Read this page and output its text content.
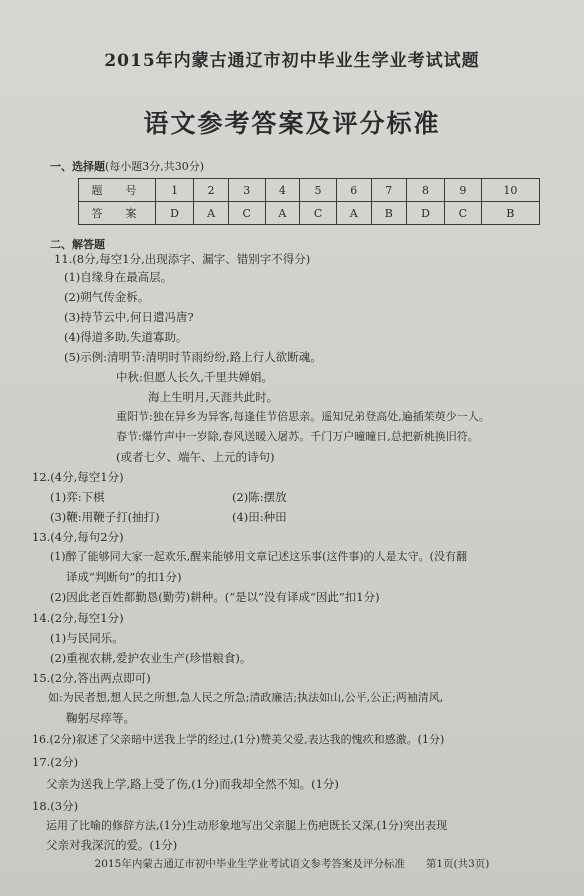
2015年内蒙古通辽市初中毕业生学业考试试题
语文参考答案及评分标准
一、选择题(每小题3分,共30分)
题　号	1	2	3	4	5	6	7	8	9	10
答　案	D	A	C	A	C	A	B	D	C	B
二、解答题
11.(8分,每空1分,出现添字、漏字、错别字不得分)
(1)自缘身在最高层。
(2)朔气传金柝。
(3)持节云中,何日遣冯唐?
(4)得道多助,失道寡助。
(5)示例:清明节:清明时节雨纷纷,路上行人欲断魂。
中秋:但愿人长久,千里共婵娟。
海上生明月,天涯共此时。
重阳节:独在异乡为异客,每逢佳节倍思亲。遥知兄弟登高处,遍插茱萸少一人。
春节:爆竹声中一岁除,春风送暖入屠苏。千门万户曈曈日,总把新桃换旧符。
(或者七夕、端午、上元的诗句)
12.(4分,每空1分)
(1)弈:下棋	(2)陈:摆放
(3)鞭:用鞭子打(抽打)	(4)田:种田
13.(4分,每句2分)
(1)醉了能够同大家一起欢乐,醒来能够用文章记述这乐事(这件事)的人是太守。(没有翻
译成“判断句”的扣1分)
(2)因此老百姓都勤恳(勤劳)耕种。(“是以”没有译成“因此”扣1分)
14.(2分,每空1分)
(1)与民同乐。
(2)重视农耕,爱护农业生产(珍惜粮食)。
15.(2分,答出两点即可)
如:为民者想,想人民之所想,急人民之所急;清政廉洁;执法如山,公平,公正;两袖清风,
鞠躬尽瘁等。
16.(2分)叙述了父亲暗中送我上学的经过,(1分)赞美父爱,表达我的愧疚和感激。(1分)
17.(2分)
父亲为送我上学,路上受了伤,(1分)而我却全然不知。(1分)
18.(3分)
运用了比喻的修辞方法,(1分)生动形象地写出父亲腿上伤疤既长又深,(1分)突出表现
父亲对我深沉的爱。(1分)
2015年内蒙古通辽市初中毕业生学业考试语文参考答案及评分标准　　第1页(共3页)
